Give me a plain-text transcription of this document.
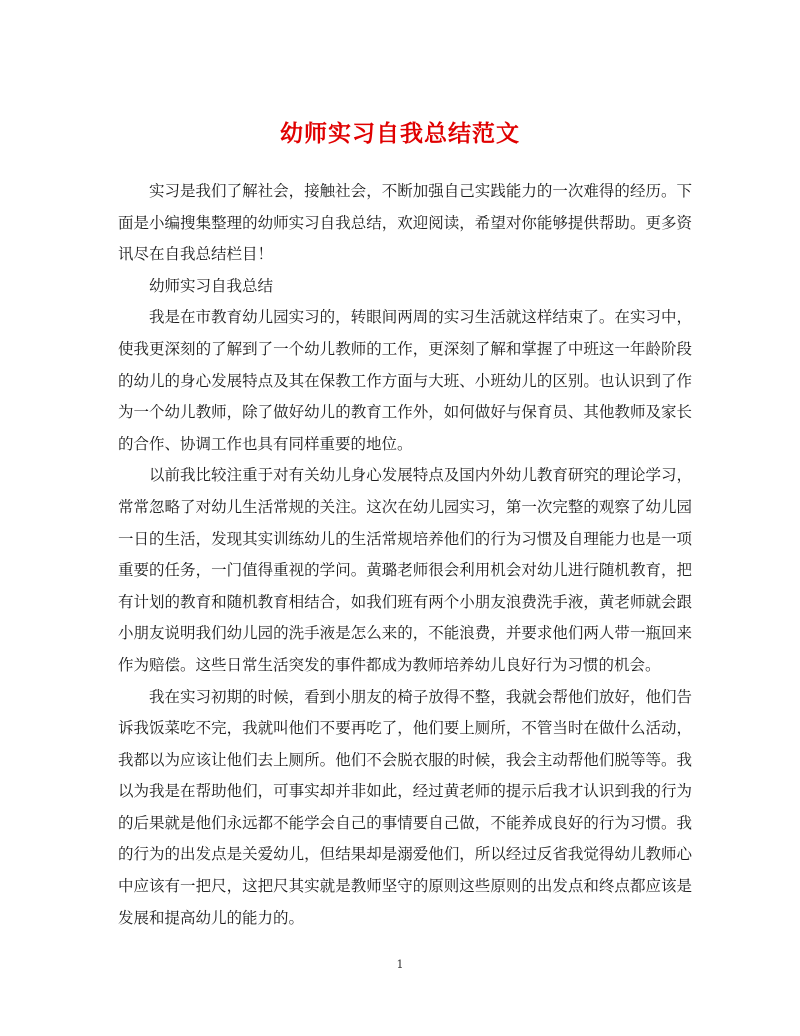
幼师实习自我总结范文

实习是我们了解社会，接触社会，不断加强自己实践能力的一次难得的经历。下面是小编搜集整理的幼师实习自我总结，欢迎阅读，希望对你能够提供帮助。更多资讯尽在自我总结栏目！

幼师实习自我总结

我是在市教育幼儿园实习的，转眼间两周的实习生活就这样结束了。在实习中，使我更深刻的了解到了一个幼儿教师的工作，更深刻了解和掌握了中班这一年龄阶段的幼儿的身心发展特点及其在保教工作方面与大班、小班幼儿的区别。也认识到了作为一个幼儿教师，除了做好幼儿的教育工作外，如何做好与保育员、其他教师及家长的合作、协调工作也具有同样重要的地位。

以前我比较注重于对有关幼儿身心发展特点及国内外幼儿教育研究的理论学习，常常忽略了对幼儿生活常规的关注。这次在幼儿园实习，第一次完整的观察了幼儿园一日的生活，发现其实训练幼儿的生活常规培养他们的行为习惯及自理能力也是一项重要的任务，一门值得重视的学问。黄璐老师很会利用机会对幼儿进行随机教育，把有计划的教育和随机教育相结合，如我们班有两个小朋友浪费洗手液，黄老师就会跟小朋友说明我们幼儿园的洗手液是怎么来的，不能浪费，并要求他们两人带一瓶回来作为赔偿。这些日常生活突发的事件都成为教师培养幼儿良好行为习惯的机会。

我在实习初期的时候，看到小朋友的椅子放得不整，我就会帮他们放好，他们告诉我饭菜吃不完，我就叫他们不要再吃了，他们要上厕所，不管当时在做什么活动，我都以为应该让他们去上厕所。他们不会脱衣服的时候，我会主动帮他们脱等等。我以为我是在帮助他们，可事实却并非如此，经过黄老师的提示后我才认识到我的行为的后果就是他们永远都不能学会自己的事情要自己做，不能养成良好的行为习惯。我的行为的出发点是关爱幼儿，但结果却是溺爱他们，所以经过反省我觉得幼儿教师心中应该有一把尺，这把尺其实就是教师坚守的原则这些原则的出发点和终点都应该是发展和提高幼儿的能力的。

1
